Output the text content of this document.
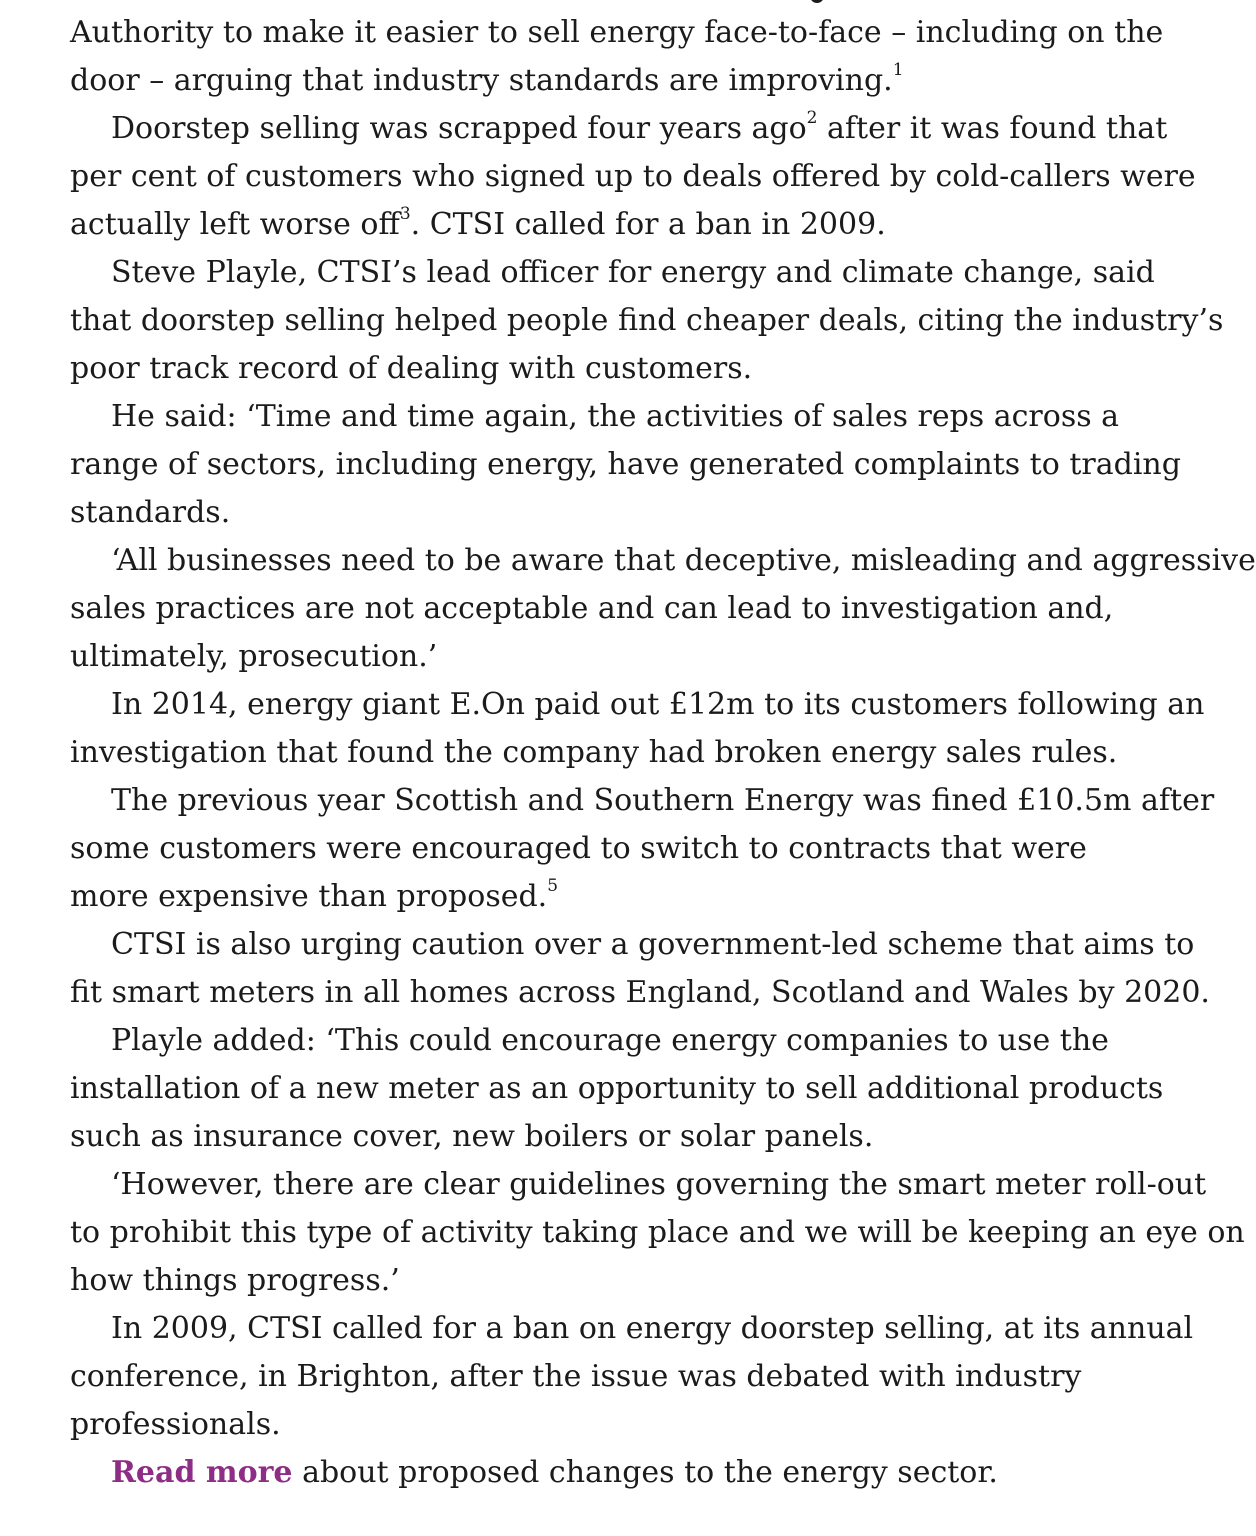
Authority to make it easier to sell energy face-to-face – including on the
door – arguing that industry standards are improving.$^1$
Doorstep selling was scrapped four years ago$^2$ after it was found that
per cent of customers who signed up to deals offered by cold-callers were
actually left worse off$^3$. CTSI called for a ban in 2009.
Steve Playle, CTSI’s lead officer for energy and climate change, said
that doorstep selling helped people find cheaper deals, citing the industry’s
poor track record of dealing with customers.
He said: ‘Time and time again, the activities of sales reps across a
range of sectors, including energy, have generated complaints to trading
standards.
‘All businesses need to be aware that deceptive, misleading and aggressive
sales practices are not acceptable and can lead to investigation and,
ultimately, prosecution.’
In 2014, energy giant E.On paid out £12m to its customers following an
investigation that found the company had broken energy sales rules.
The previous year Scottish and Southern Energy was fined £10.5m after
some customers were encouraged to switch to contracts that were
more expensive than proposed.$^5$
CTSI is also urging caution over a government-led scheme that aims to
fit smart meters in all homes across England, Scotland and Wales by 2020.
Playle added: ‘This could encourage energy companies to use the
installation of a new meter as an opportunity to sell additional products
such as insurance cover, new boilers or solar panels.
‘However, there are clear guidelines governing the smart meter roll-out
to prohibit this type of activity taking place and we will be keeping an eye on
how things progress.’
In 2009, CTSI called for a ban on energy doorstep selling, at its annual
conference, in Brighton, after the issue was debated with industry
professionals.
Read more about proposed changes to the energy sector.
